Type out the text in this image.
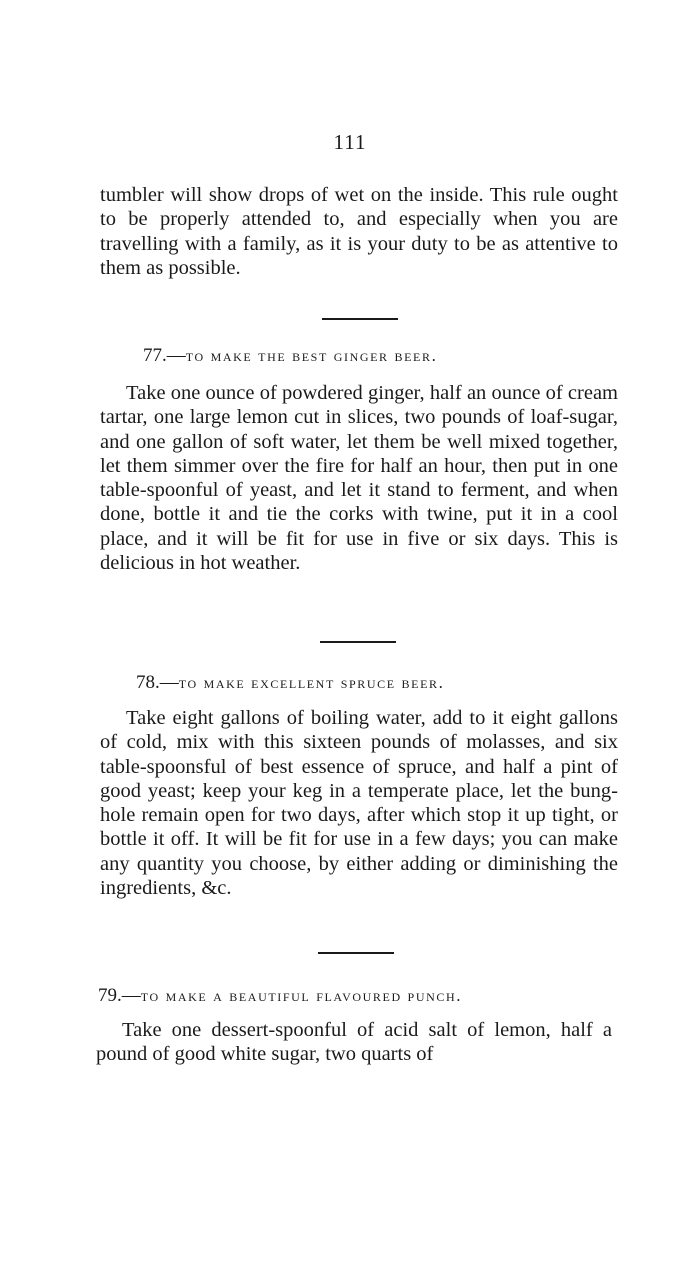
111

tumbler will show drops of wet on the inside. This rule ought to be properly attended to, and especially when you are travelling with a family, as it is your duty to be as attentive to them as possible.

77.—to make the best ginger beer.

Take one ounce of powdered ginger, half an ounce of cream tartar, one large lemon cut in slices, two pounds of loaf-sugar, and one gallon of soft water, let them be well mixed together, let them simmer over the fire for half an hour, then put in one table-spoonful of yeast, and let it stand to ferment, and when done, bottle it and tie the corks with twine, put it in a cool place, and it will be fit for use in five or six days. This is delicious in hot weather.

78.—to make excellent spruce beer.

Take eight gallons of boiling water, add to it eight gallons of cold, mix with this sixteen pounds of molasses, and six table-spoonsful of best essence of spruce, and half a pint of good yeast; keep your keg in a temperate place, let the bung-hole remain open for two days, after which stop it up tight, or bottle it off. It will be fit for use in a few days; you can make any quantity you choose, by either adding or diminishing the ingredients, &c.

79.—to make a beautiful flavoured punch.

Take one dessert-spoonful of acid salt of lemon, half a pound of good white sugar, two quarts of
